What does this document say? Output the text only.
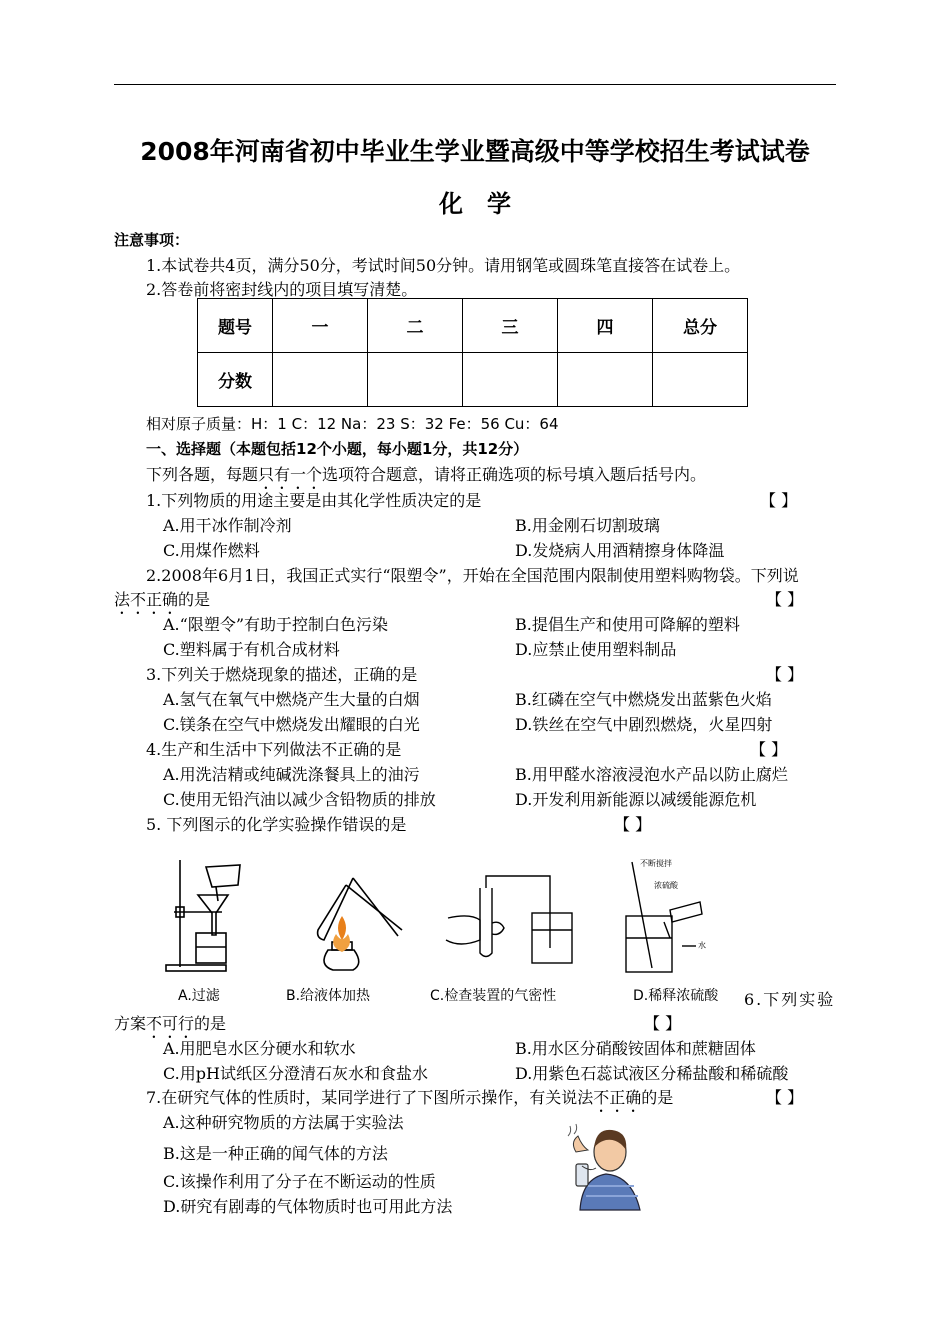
2008年河南省初中毕业生学业暨高级中等学校招生考试试卷
化学
注意事项：
1.本试卷共4页，满分50分，考试时间50分钟。请用钢笔或圆珠笔直接答在试卷上。
2.答卷前将密封线内的项目填写清楚。
题号	一	二	三	四	总分
分数					
相对原子质量：H：1 C：12 Na：23 S：32 Fe：56 Cu：64
一、选择题（本题包括12个小题，每小题1分，共12分）
下列各题，每题只有一个选项符合题意，请将正确选项的标号填入题后括号内。
1.下列物质的用途主要是由其化学性质决定的是	【 】
A.用干冰作制冷剂	B.用金刚石切割玻璃
C.用煤作燃料	D.发烧病人用酒精擦身体降温
2.2008年6月1日，我国正式实行“限塑令”，开始在全国范围内限制使用塑料购物袋。下列说
法不正确的是	【 】
A.“限塑令”有助于控制白色污染	B.提倡生产和使用可降解的塑料
C.塑料属于有机合成材料	D.应禁止使用塑料制品
3.下列关于燃烧现象的描述，正确的是	【 】
A.氢气在氧气中燃烧产生大量的白烟	B.红磷在空气中燃烧发出蓝紫色火焰
C.镁条在空气中燃烧发出耀眼的白光	D.铁丝在空气中剧烈燃烧，火星四射
4.生产和生活中下列做法不正确的是	【 】
A.用洗洁精或纯碱洗涤餐具上的油污	B.用甲醛水溶液浸泡水产品以防止腐烂
C.使用无铅汽油以减少含铅物质的排放	D.开发利用新能源以减缓能源危机
5. 下列图示的化学实验操作错误的是	【 】
A.过滤	B.给液体加热	C.检查装置的气密性
不断搅拌
浓硫酸
水
D.稀释浓硫酸 6.下列实验
方案不可行的是	【 】
A.用肥皂水区分硬水和软水	B.用水区分硝酸铵固体和蔗糖固体
C.用pH试纸区分澄清石灰水和食盐水	D.用紫色石蕊试液区分稀盐酸和稀硫酸
7.在研究气体的性质时，某同学进行了下图所示操作，有关说法不正确的是	【 】
A.这种研究物质的方法属于实验法
B.这是一种正确的闻气体的方法
C.该操作利用了分子在不断运动的性质
D.研究有剧毒的气体物质时也可用此方法
